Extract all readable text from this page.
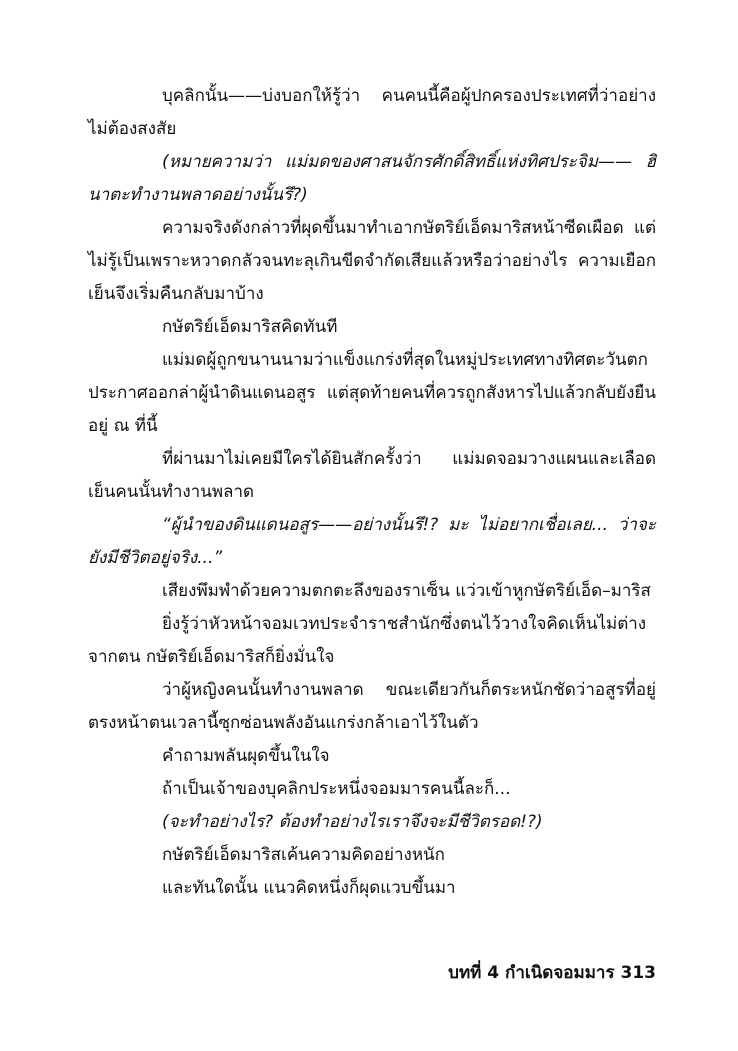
บุคลิกนั้น——บ่งบอกให้รู้ว่า คนคนนี้คือผู้ปกครองประเทศที่ว่าอย่างไม่ต้องสงสัย

(หมายความว่า แม่มดของศาสนจักรศักดิ์สิทธิ์แห่งทิศประจิม—— ฮินาตะทำงานพลาดอย่างนั้นรึ?)

ความจริงดังกล่าวที่ผุดขึ้นมาทำเอากษัตริย์เอ็ดมาริสหน้าซีดเผือด แต่ไม่รู้เป็นเพราะหวาดกลัวจนทะลุเกินขีดจำกัดเสียแล้วหรือว่าอย่างไร ความเยือกเย็นจึงเริ่มคืนกลับมาบ้าง

กษัตริย์เอ็ดมาริสคิดทันที

แม่มดผู้ถูกขนานนามว่าแข็งแกร่งที่สุดในหมู่ประเทศทางทิศตะวันตก ประกาศออกล่าผู้นำดินแดนอสูร แต่สุดท้ายคนที่ควรถูกสังหารไปแล้วกลับยังยืนอยู่ ณ ที่นี้

ที่ผ่านมาไม่เคยมีใครได้ยินสักครั้งว่า แม่มดจอมวางแผนและเลือดเย็นคนนั้นทำงานพลาด

“ผู้นำของดินแดนอสูร——อย่างนั้นรึ!? มะ ไม่อยากเชื่อเลย... ว่าจะยังมีชีวิตอยู่จริง...”

เสียงพึมพำด้วยความตกตะลึงของราเซ็น แว่วเข้าหูกษัตริย์เอ็ด–มาริส

ยิ่งรู้ว่าหัวหน้าจอมเวทประจำราชสำนักซึ่งตนไว้วางใจคิดเห็นไม่ต่างจากตน กษัตริย์เอ็ดมาริสก็ยิ่งมั่นใจ

ว่าผู้หญิงคนนั้นทำงานพลาด ขณะเดียวกันก็ตระหนักชัดว่าอสูรที่อยู่ตรงหน้าตนเวลานี้ซุกซ่อนพลังอันแกร่งกล้าเอาไว้ในตัว

คำถามพลันผุดขึ้นในใจ

ถ้าเป็นเจ้าของบุคลิกประหนึ่งจอมมารคนนี้ละก็...

(จะทำอย่างไร? ต้องทำอย่างไรเราจึงจะมีชีวิตรอด!?)

กษัตริย์เอ็ดมาริสเค้นความคิดอย่างหนัก

และทันใดนั้น แนวคิดหนึ่งก็ผุดแวบขึ้นมา

บทที่ 4 กำเนิดจอมมาร 313
